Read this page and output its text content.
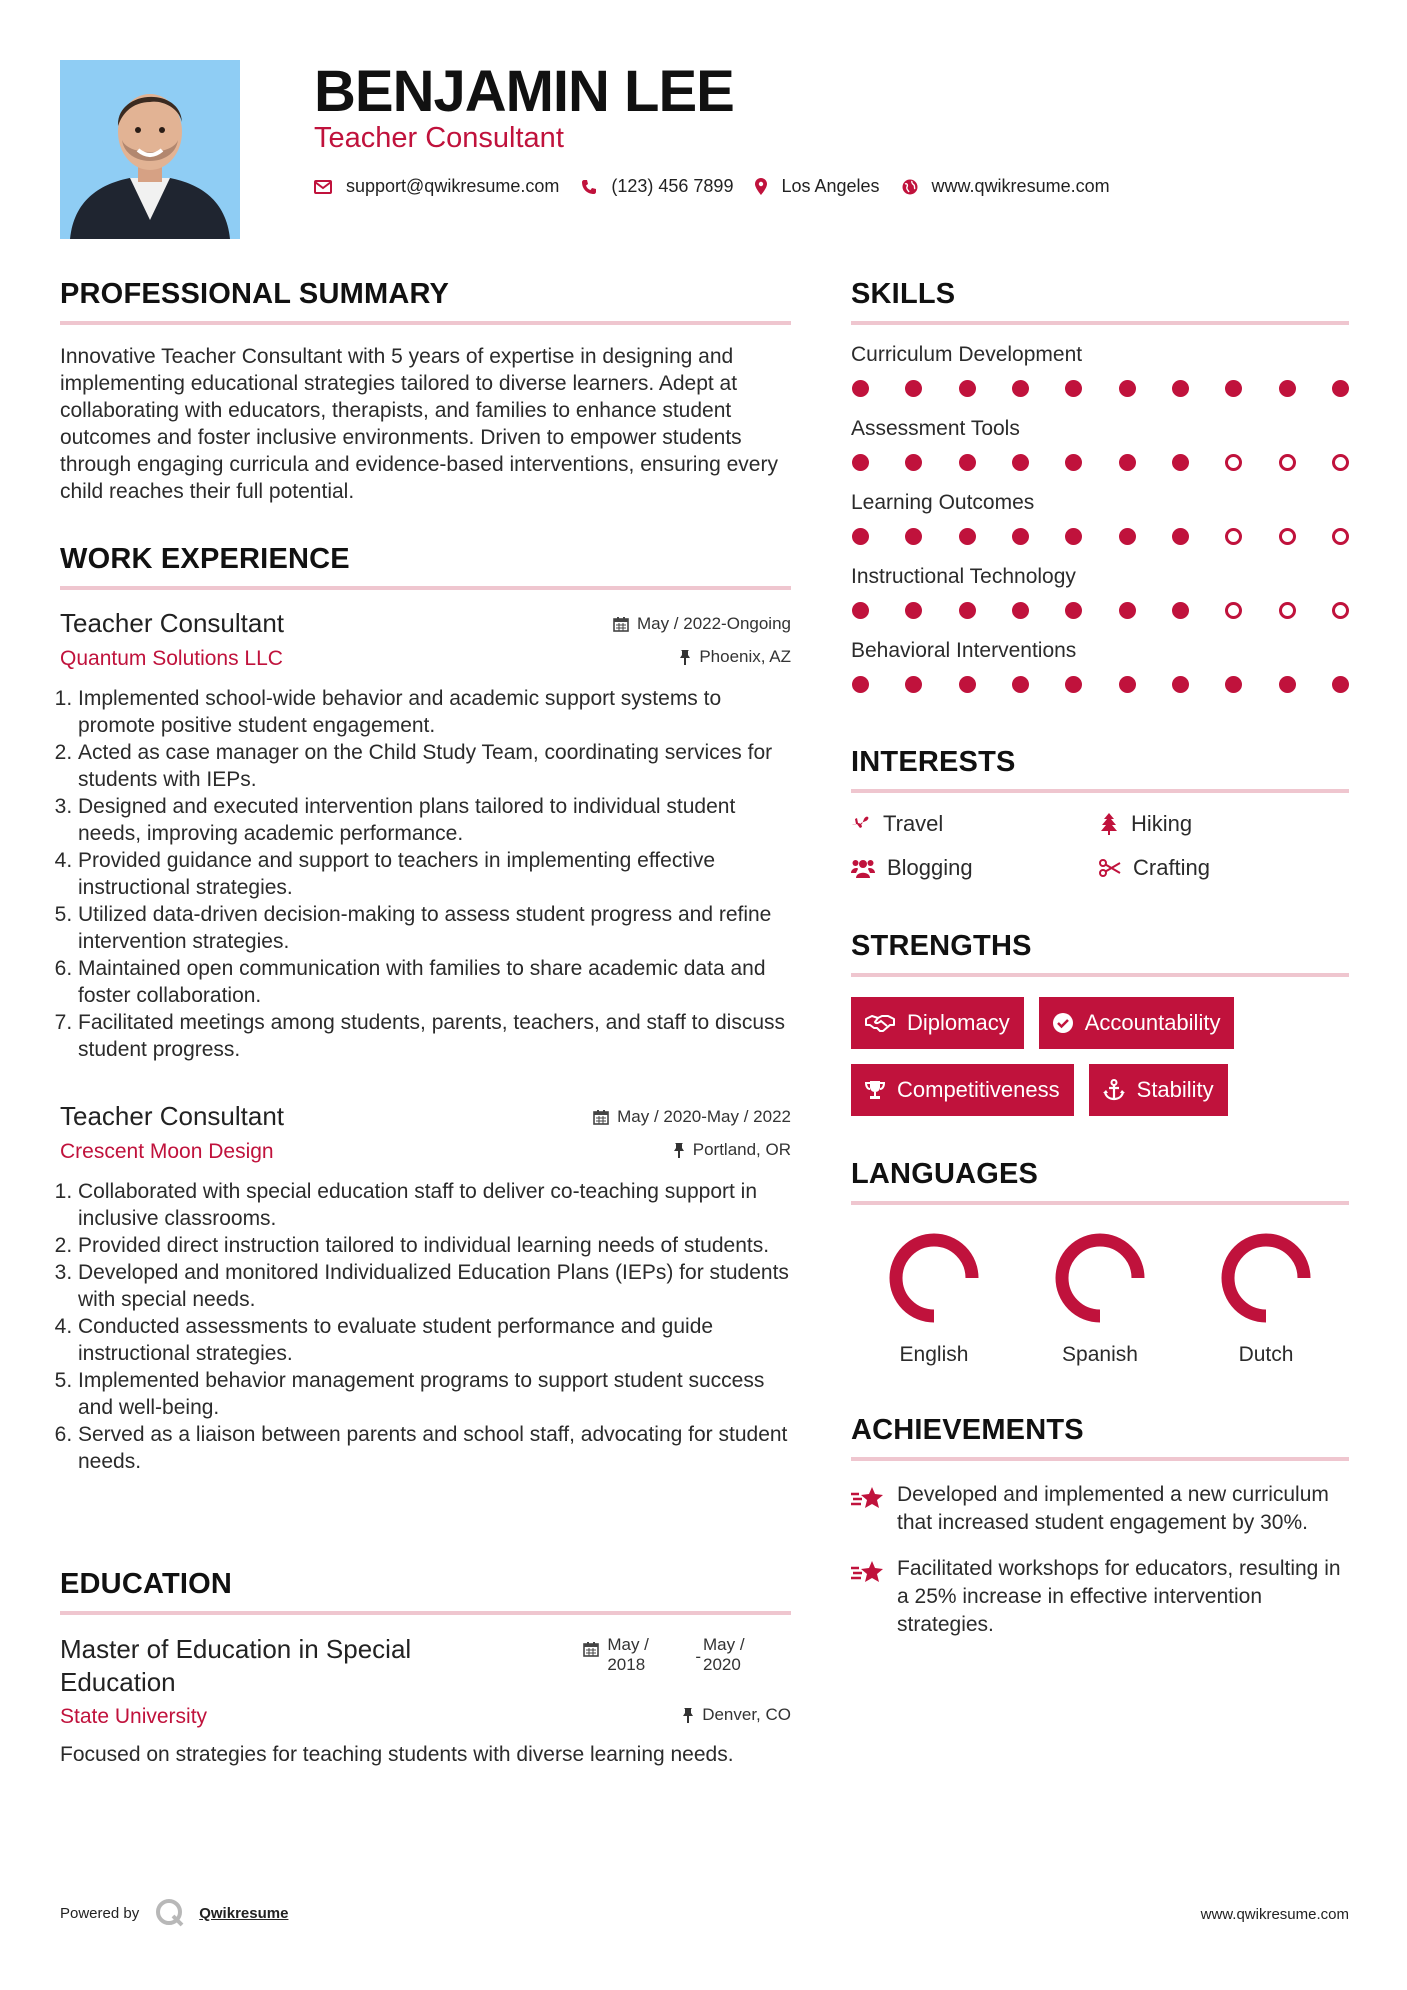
BENJAMIN LEE
Teacher Consultant
support@qwikresume.com	(123) 456 7899	Los Angeles	www.qwikresume.com
PROFESSIONAL SUMMARY

Innovative Teacher Consultant with 5 years of expertise in designing and implementing educational strategies tailored to diverse learners. Adept at collaborating with educators, therapists, and families to enhance student outcomes and foster inclusive environments. Driven to empower students through engaging curricula and evidence-based interventions, ensuring every child reaches their full potential.

WORK EXPERIENCE
Teacher Consultant	May / 2022-Ongoing
Quantum Solutions LLC	Phoenix, AZ
1. Implemented school-wide behavior and academic support systems to promote positive student engagement.
2. Acted as case manager on the Child Study Team, coordinating services for students with IEPs.
3. Designed and executed intervention plans tailored to individual student needs, improving academic performance.
4. Provided guidance and support to teachers in implementing effective instructional strategies.
5. Utilized data-driven decision-making to assess student progress and refine intervention strategies.
6. Maintained open communication with families to share academic data and foster collaboration.
7. Facilitated meetings among students, parents, teachers, and staff to discuss student progress.
Teacher Consultant	May / 2020-May / 2022
Crescent Moon Design	Portland, OR
1. Collaborated with special education staff to deliver co-teaching support in inclusive classrooms.
2. Provided direct instruction tailored to individual learning needs of students.
3. Developed and monitored Individualized Education Plans (IEPs) for students with special needs.
4. Conducted assessments to evaluate student performance and guide instructional strategies.
5. Implemented behavior management programs to support student success and well-being.
6. Served as a liaison between parents and school staff, advocating for student needs.
EDUCATION
Master of Education in Special Education
May / 2018	-
May / 2020
State University	Denver, CO

Focused on strategies for teaching students with diverse learning needs.

SKILLS
Curriculum Development
Assessment Tools
Learning Outcomes
Instructional Technology
Behavioral Interventions
INTERESTS
Travel	Hiking
Blogging	Crafting
STRENGTHS
Diplomacy	Accountability
Competitiveness	Stability
LANGUAGES
English	Spanish	Dutch
ACHIEVEMENTS
Developed and implemented a new curriculum that increased student engagement by 30%.
Facilitated workshops for educators, resulting in a 25% increase in effective intervention strategies.
Powered by	Qwikresume	www.qwikresume.com
